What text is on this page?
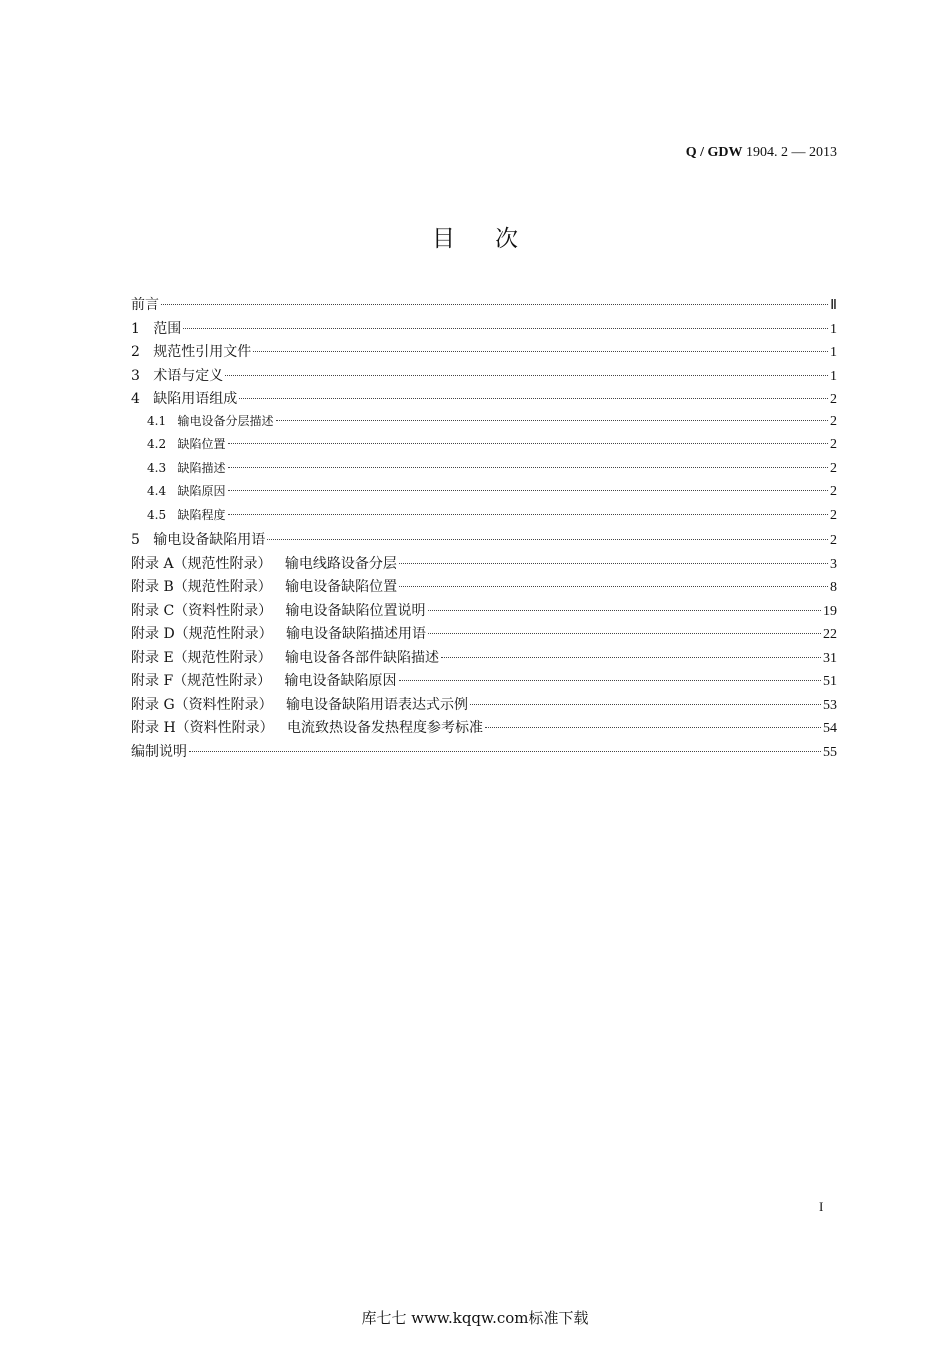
Q / GDW 1904. 2 — 2013
目次
前言	Ⅱ
1   范围	1
2   规范性引用文件	1
3   术语与定义	1
4   缺陷用语组成	2
4.1   输电设备分层描述	2
4.2   缺陷位置	2
4.3   缺陷描述	2
4.4   缺陷原因	2
4.5   缺陷程度	2
5   输电设备缺陷用语	2
附录 A（规范性附录）   输电线路设备分层	3
附录 B（规范性附录）   输电设备缺陷位置	8
附录 C（资料性附录）   输电设备缺陷位置说明	19
附录 D（规范性附录）   输电设备缺陷描述用语	22
附录 E（规范性附录）   输电设备各部件缺陷描述	31
附录 F（规范性附录）   输电设备缺陷原因	51
附录 G（资料性附录）   输电设备缺陷用语表达式示例	53
附录 H（资料性附录）   电流致热设备发热程度参考标准	54
编制说明	55
I
库七七 www.kqqw.com标准下载
